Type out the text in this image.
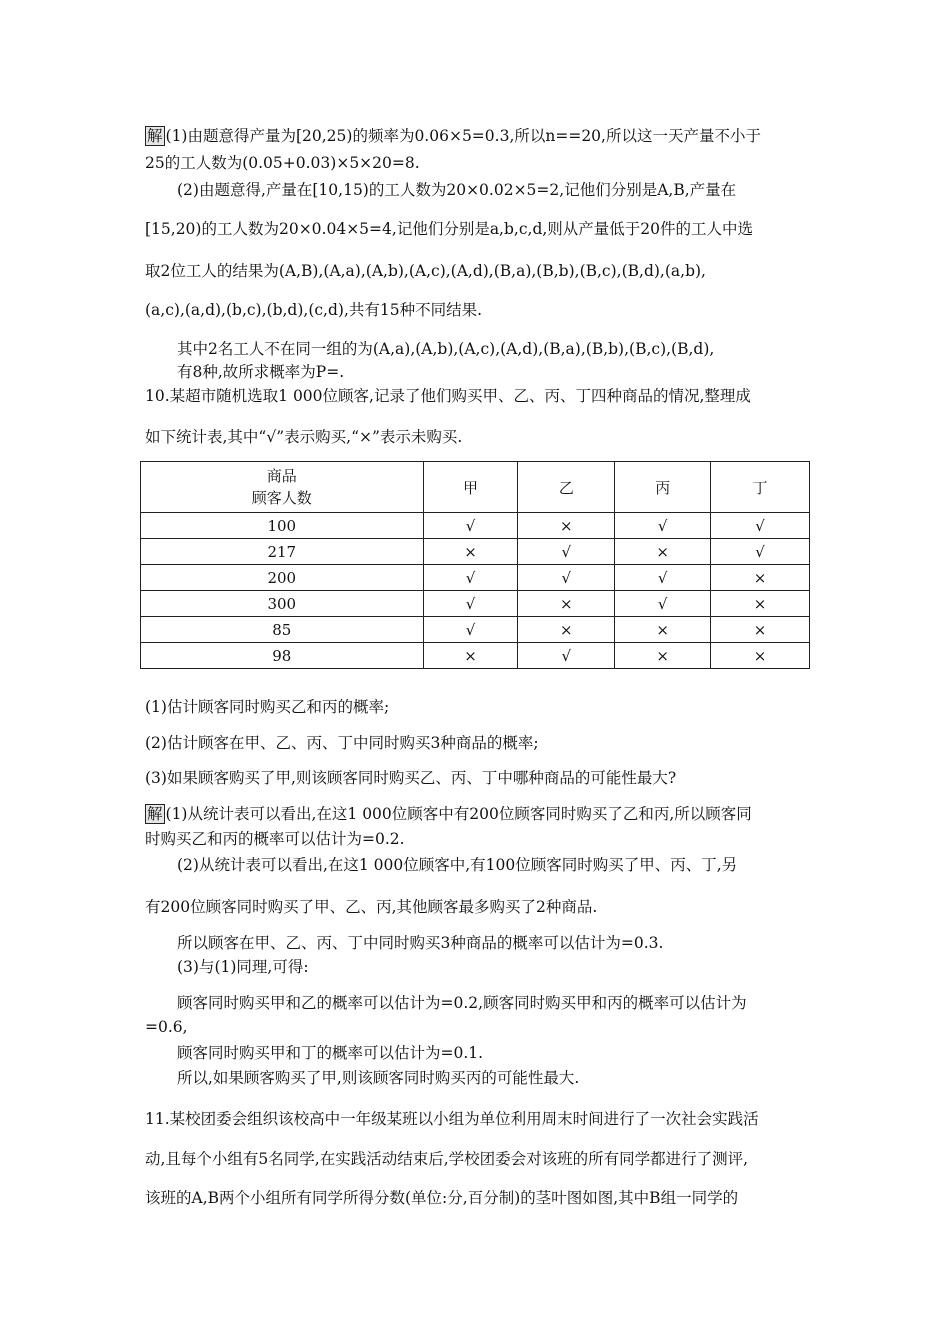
解 (1)由题意得产量为[20,25)的频率为0.06×5=0.3,所以n==20,所以这一天产量不小于
25的工人数为(0.05+0.03)×5×20=8.
(2)由题意得,产量在[10,15)的工人数为20×0.02×5=2,记他们分别是A,B,产量在
[15,20)的工人数为20×0.04×5=4,记他们分别是a,b,c,d,则从产量低于20件的工人中选
取2位工人的结果为(A,B),(A,a),(A,b),(A,c),(A,d),(B,a),(B,b),(B,c),(B,d),(a,b),
(a,c),(a,d),(b,c),(b,d),(c,d),共有15种不同结果.
其中2名工人不在同一组的为(A,a),(A,b),(A,c),(A,d),(B,a),(B,b),(B,c),(B,d),
有8种,故所求概率为P=.
10.某超市随机选取1 000位顾客,记录了他们购买甲、乙、丙、丁四种商品的情况,整理成
如下统计表,其中“√”表示购买,“×”表示未购买.
商品
顾客人数	甲	乙	丙	丁
100	√	×	√	√
217	×	√	×	√
200	√	√	√	×
300	√	×	√	×
85	√	×	×	×
98	×	√	×	×
(1)估计顾客同时购买乙和丙的概率;
(2)估计顾客在甲、乙、丙、丁中同时购买3种商品的概率;
(3)如果顾客购买了甲,则该顾客同时购买乙、丙、丁中哪种商品的可能性最大?
解 (1)从统计表可以看出,在这1 000位顾客中有200位顾客同时购买了乙和丙,所以顾客同
时购买乙和丙的概率可以估计为=0.2.
(2)从统计表可以看出,在这1 000位顾客中,有100位顾客同时购买了甲、丙、丁,另
有200位顾客同时购买了甲、乙、丙,其他顾客最多购买了2种商品.
所以顾客在甲、乙、丙、丁中同时购买3种商品的概率可以估计为=0.3.
(3)与(1)同理,可得:
顾客同时购买甲和乙的概率可以估计为=0.2,顾客同时购买甲和丙的概率可以估计为
=0.6,
顾客同时购买甲和丁的概率可以估计为=0.1.
所以,如果顾客购买了甲,则该顾客同时购买丙的可能性最大.
11.某校团委会组织该校高中一年级某班以小组为单位利用周末时间进行了一次社会实践活
动,且每个小组有5名同学,在实践活动结束后,学校团委会对该班的所有同学都进行了测评,
该班的A,B两个小组所有同学所得分数(单位:分,百分制)的茎叶图如图,其中B组一同学的
